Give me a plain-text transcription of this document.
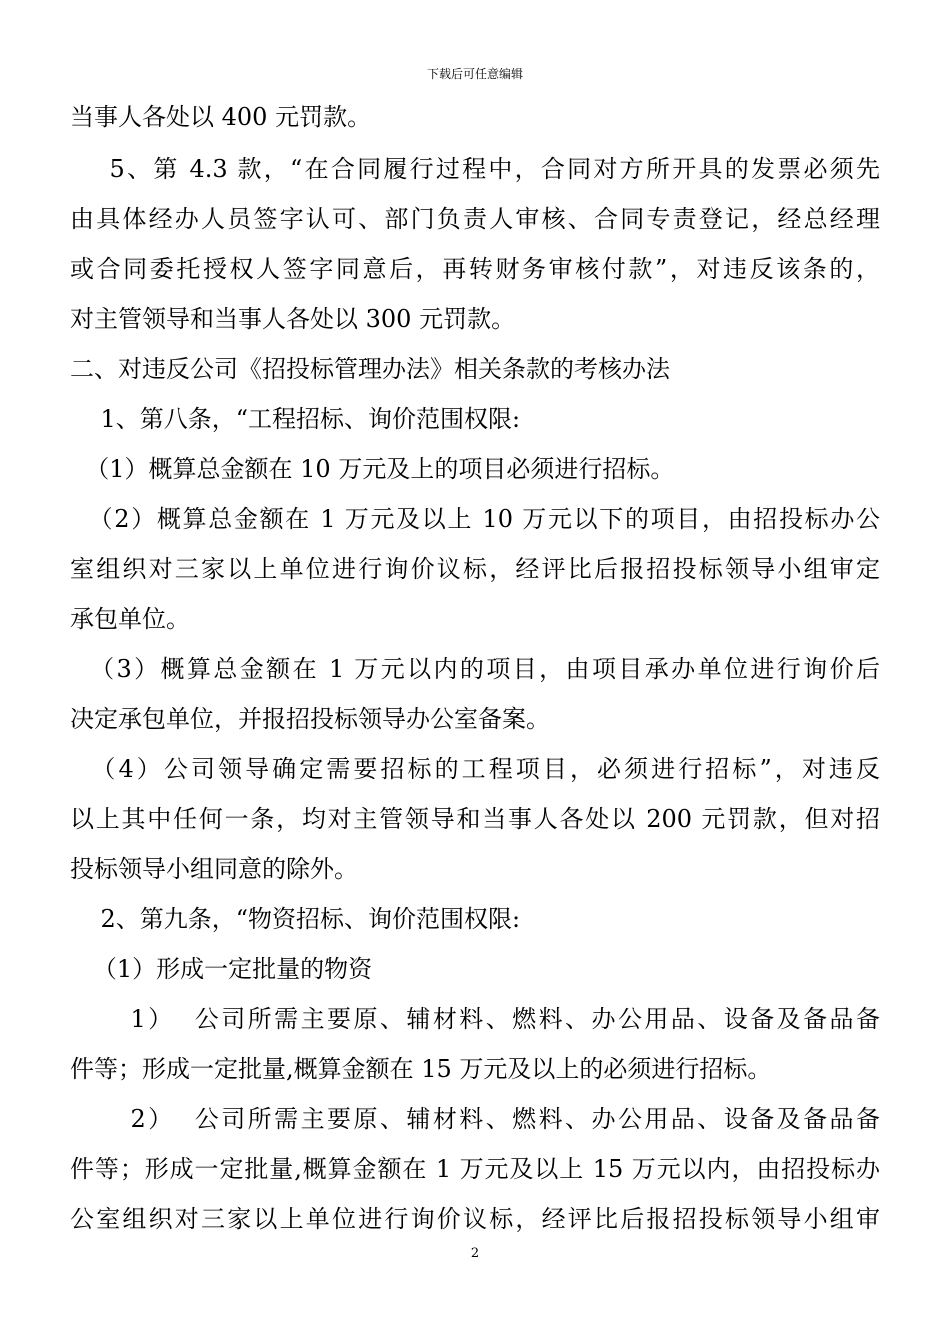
下载后可任意编辑
当事人各处以 400 元罚款。
5、第 4.3 款，“在合同履行过程中，合同对方所开具的发票必须先
由具体经办人员签字认可、部门负责人审核、合同专责登记，经总经理
或合同委托授权人签字同意后，再转财务审核付款”，对违反该条的，
对主管领导和当事人各处以 300 元罚款。
二、对违反公司《招投标管理办法》相关条款的考核办法
1、第八条，“工程招标、询价范围权限:
（1）概算总金额在 10 万元及上的项目必须进行招标。
（2）概算总金额在 1 万元及以上 10 万元以下的项目，由招投标办公
室组织对三家以上单位进行询价议标，经评比后报招投标领导小组审定
承包单位。
（3）概算总金额在 1 万元以内的项目，由项目承办单位进行询价后
决定承包单位，并报招投标领导办公室备案。
（4）公司领导确定需要招标的工程项目，必须进行招标”，对违反
以上其中任何一条，均对主管领导和当事人各处以 200 元罚款，但对招
投标领导小组同意的除外。
2、第九条，“物资招标、询价范围权限:
（1）形成一定批量的物资
1）  公司所需主要原、辅材料、燃料、办公用品、设备及备品备
件等；形成一定批量,概算金额在 15 万元及以上的必须进行招标。
2）  公司所需主要原、辅材料、燃料、办公用品、设备及备品备
件等；形成一定批量,概算金额在 1 万元及以上 15 万元以内，由招投标办
公室组织对三家以上单位进行询价议标，经评比后报招投标领导小组审
2
